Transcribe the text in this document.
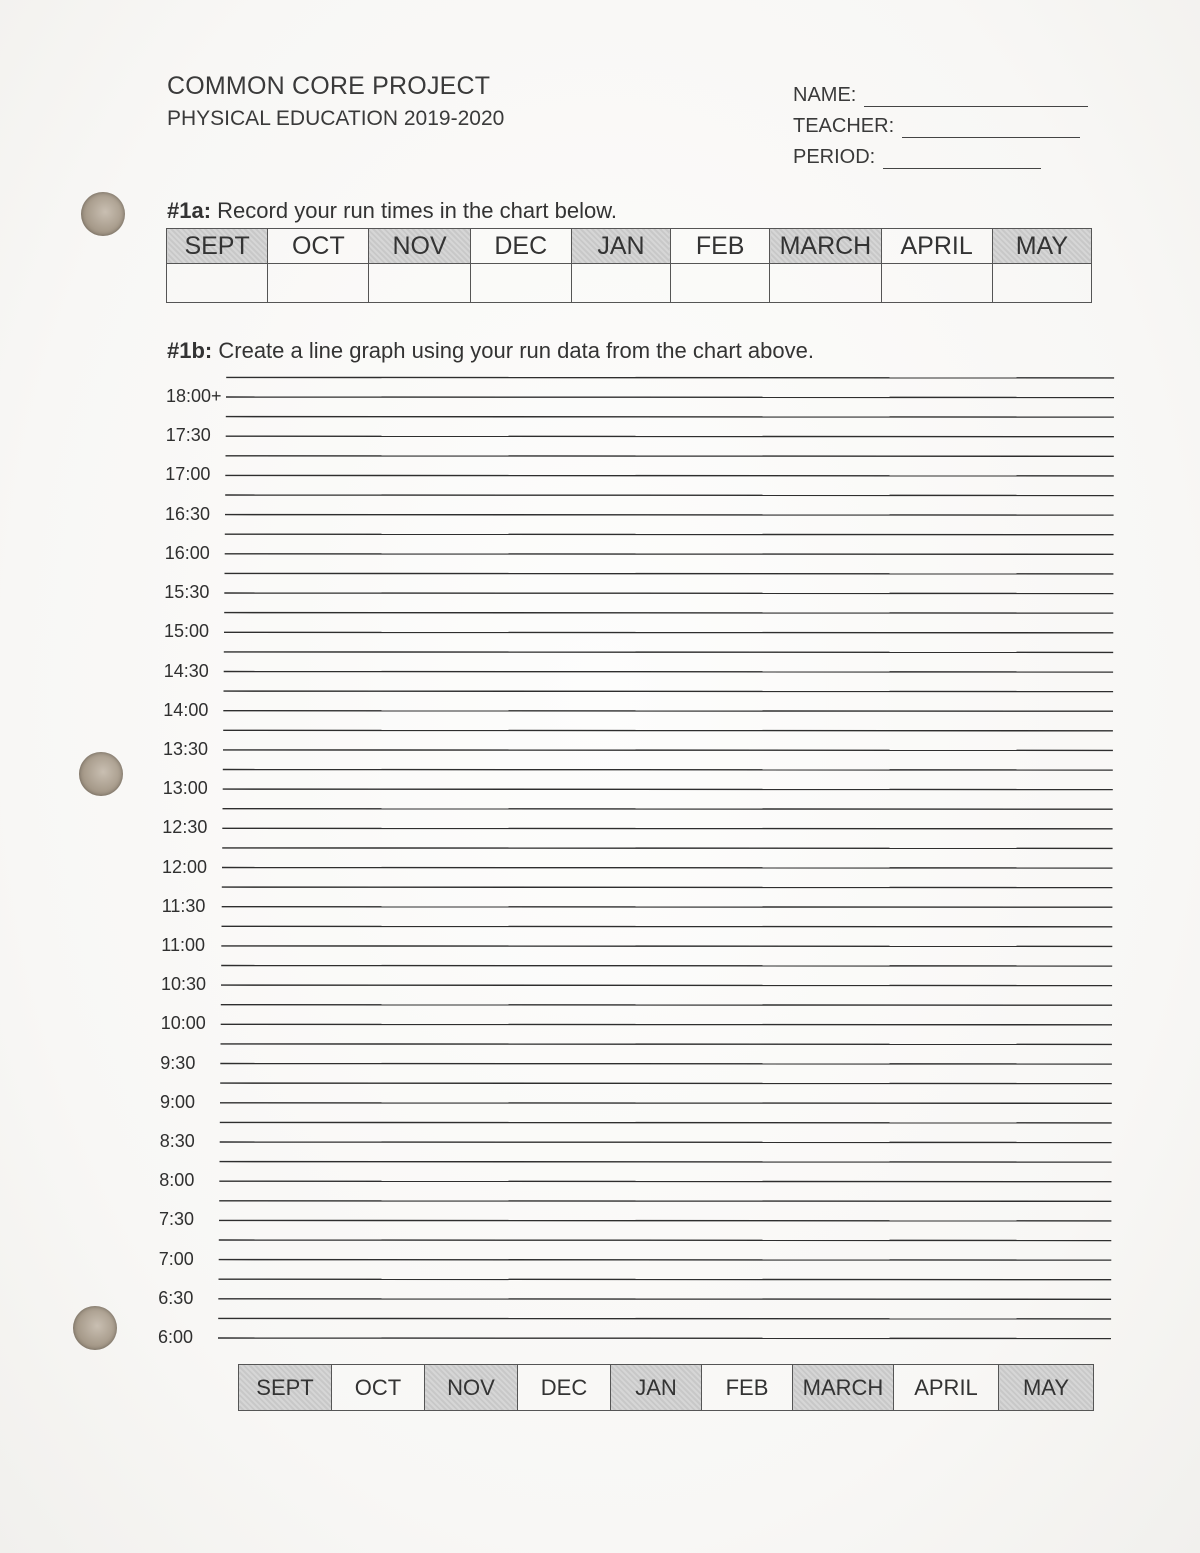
COMMON CORE PROJECT
PHYSICAL EDUCATION 2019-2020
NAME:
TEACHER:
PERIOD:
#1a: Record your run times in the chart below.
SEPT	OCT	NOV	DEC	JAN	FEB	MARCH	APRIL	MAY

#1b: Create a line graph using your run data from the chart above.
18:00+
17:30
17:00
16:30
16:00
15:30
15:00
14:30
14:00
13:30
13:00
12:30
12:00
11:30
11:00
10:30
10:00
9:30
9:00
8:30
8:00
7:30
7:00
6:30
6:00
SEPT	OCT	NOV	DEC	JAN	FEB	MARCH	APRIL	MAY
